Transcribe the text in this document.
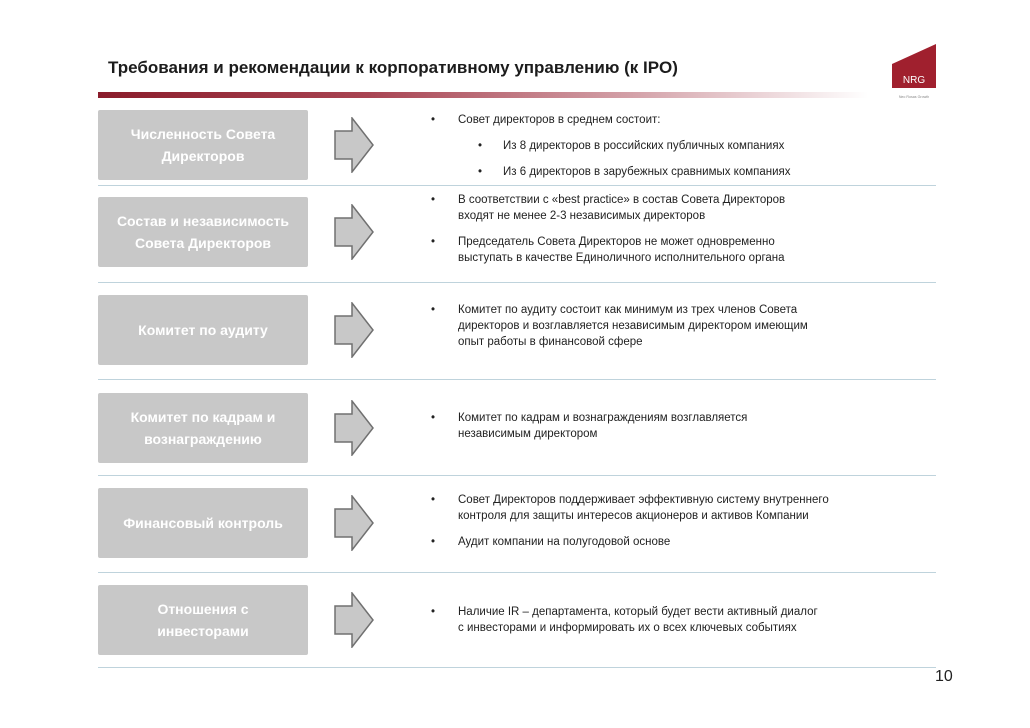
Требования и рекомендации к корпоративному управлению (к IPO)
NRG
Neo Rosas Growth
Численность Совета
Директоров
• Совет директоров в среднем состоит:
• Из 8 директоров в российских публичных компаниях
• Из 6 директоров в зарубежных сравнимых компаниях
Состав и независимость
Совета Директоров
• В соответствии с «best practice» в состав Совета Директоров
входят не менее 2-3 независимых директоров
• Председатель Совета Директоров не может одновременно
выступать в качестве Единоличного исполнительного органа
Комитет по аудиту
• Комитет по аудиту состоит как минимум из трех членов Совета
директоров и возглавляется независимым директором имеющим
опыт работы в финансовой сфере
Комитет по кадрам и
вознаграждению
• Комитет по кадрам и вознаграждениям возглавляется
независимым директором
Финансовый контроль
• Совет Директоров поддерживает эффективную систему внутреннего
контроля для защиты интересов акционеров и активов Компании
• Аудит компании на полугодовой основе
Отношения с
инвесторами
• Наличие IR – департамента, который будет вести активный диалог
с инвесторами и информировать их о всех ключевых событиях
10
